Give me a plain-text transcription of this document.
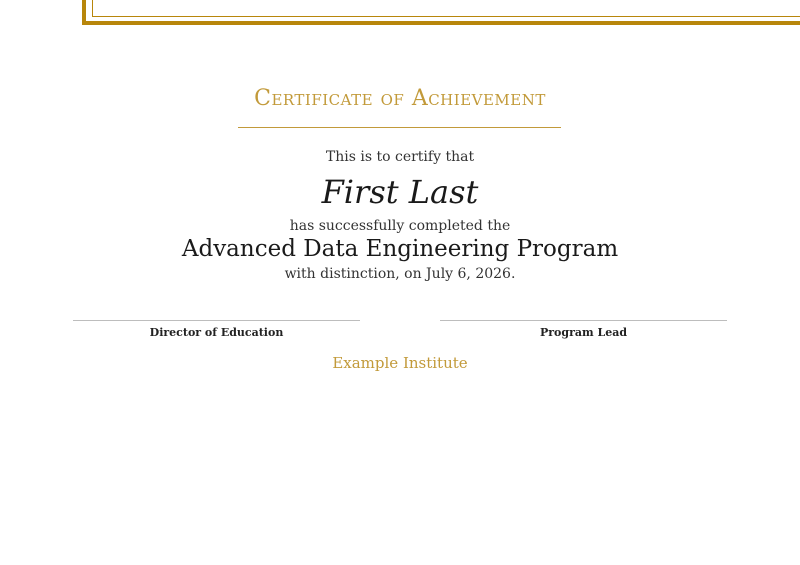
Certificate of Achievement
This is to certify that
First Last
has successfully completed the
Advanced Data Engineering Program
with distinction, on July 6, 2026.
Director of Education	Program Lead
Example Institute
